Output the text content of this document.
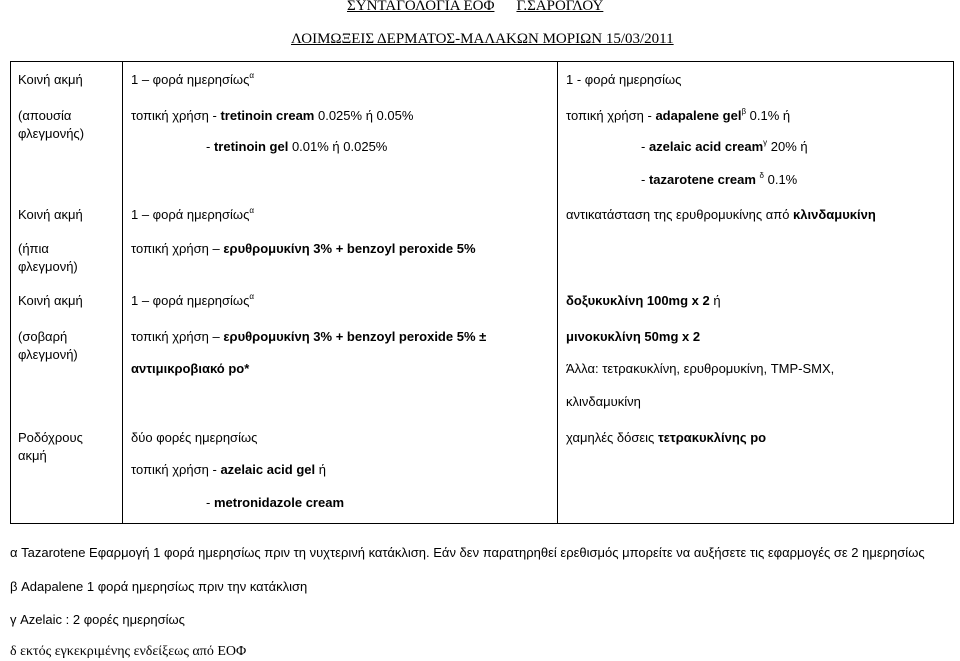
ΣΥΝΤΑΓΟΛΟΓΙΑ ΕΟΦ Γ.ΣΑΡΟΓΛΟΥ
ΛΟΙΜΩΞΕΙΣ ΔΕΡΜΑΤΟΣ-ΜΑΛΑΚΩΝ ΜΟΡΙΩΝ 15/03/2011
Κοινή ακμή
(απουσία
φλεγμονής)
1 – φορά ημερησίως$^\alpha$
τοπική χρήση - tretinoin cream 0.025% ή 0.05%
- tretinoin gel 0.01% ή 0.025%
1 - φορά ημερησίως
τοπική χρήση - adapalene gel$^\beta$ 0.1% ή
- azelaic acid cream$^\gamma$ 20% ή
- tazarotene cream $^\delta$ 0.1%
Κοινή ακμή
(ήπια
φλεγμονή)
1 – φορά ημερησίως$^\alpha$
τοπική χρήση – ερυθρομυκίνη 3% + benzoyl peroxide 5%
αντικατάσταση της ερυθρομυκίνης από κλινδαμυκίνη
Κοινή ακμή
(σοβαρή
φλεγμονή)
1 – φορά ημερησίως$^\alpha$
τοπική χρήση – ερυθρομυκίνη 3% + benzoyl peroxide 5% ±
αντιμικροβιακό po*
δοξυκυκλίνη 100mg x 2 ή
μινοκυκλίνη 50mg x 2
Άλλα: τετρακυκλίνη, ερυθρομυκίνη, TMP-SMX,
κλινδαμυκίνη
Ροδόχρους
ακμή
δύο φορές ημερησίως
τοπική χρήση - azelaic acid gel ή
- metronidazole cream
χαμηλές δόσεις τετρακυκλίνης po
α Tazarotene Εφαρμογή 1 φορά ημερησίως πριν τη νυχτερινή κατάκλιση. Εάν δεν παρατηρηθεί ερεθισμός μπορείτε να αυξήσετε τις εφαρμογές σε 2 ημερησίως
β Adapalene 1 φορά ημερησίως πριν την κατάκλιση
γ Azelaic : 2 φορές ημερησίως
δ εκτός εγκεκριμένης ενδείξεως από ΕΟΦ
